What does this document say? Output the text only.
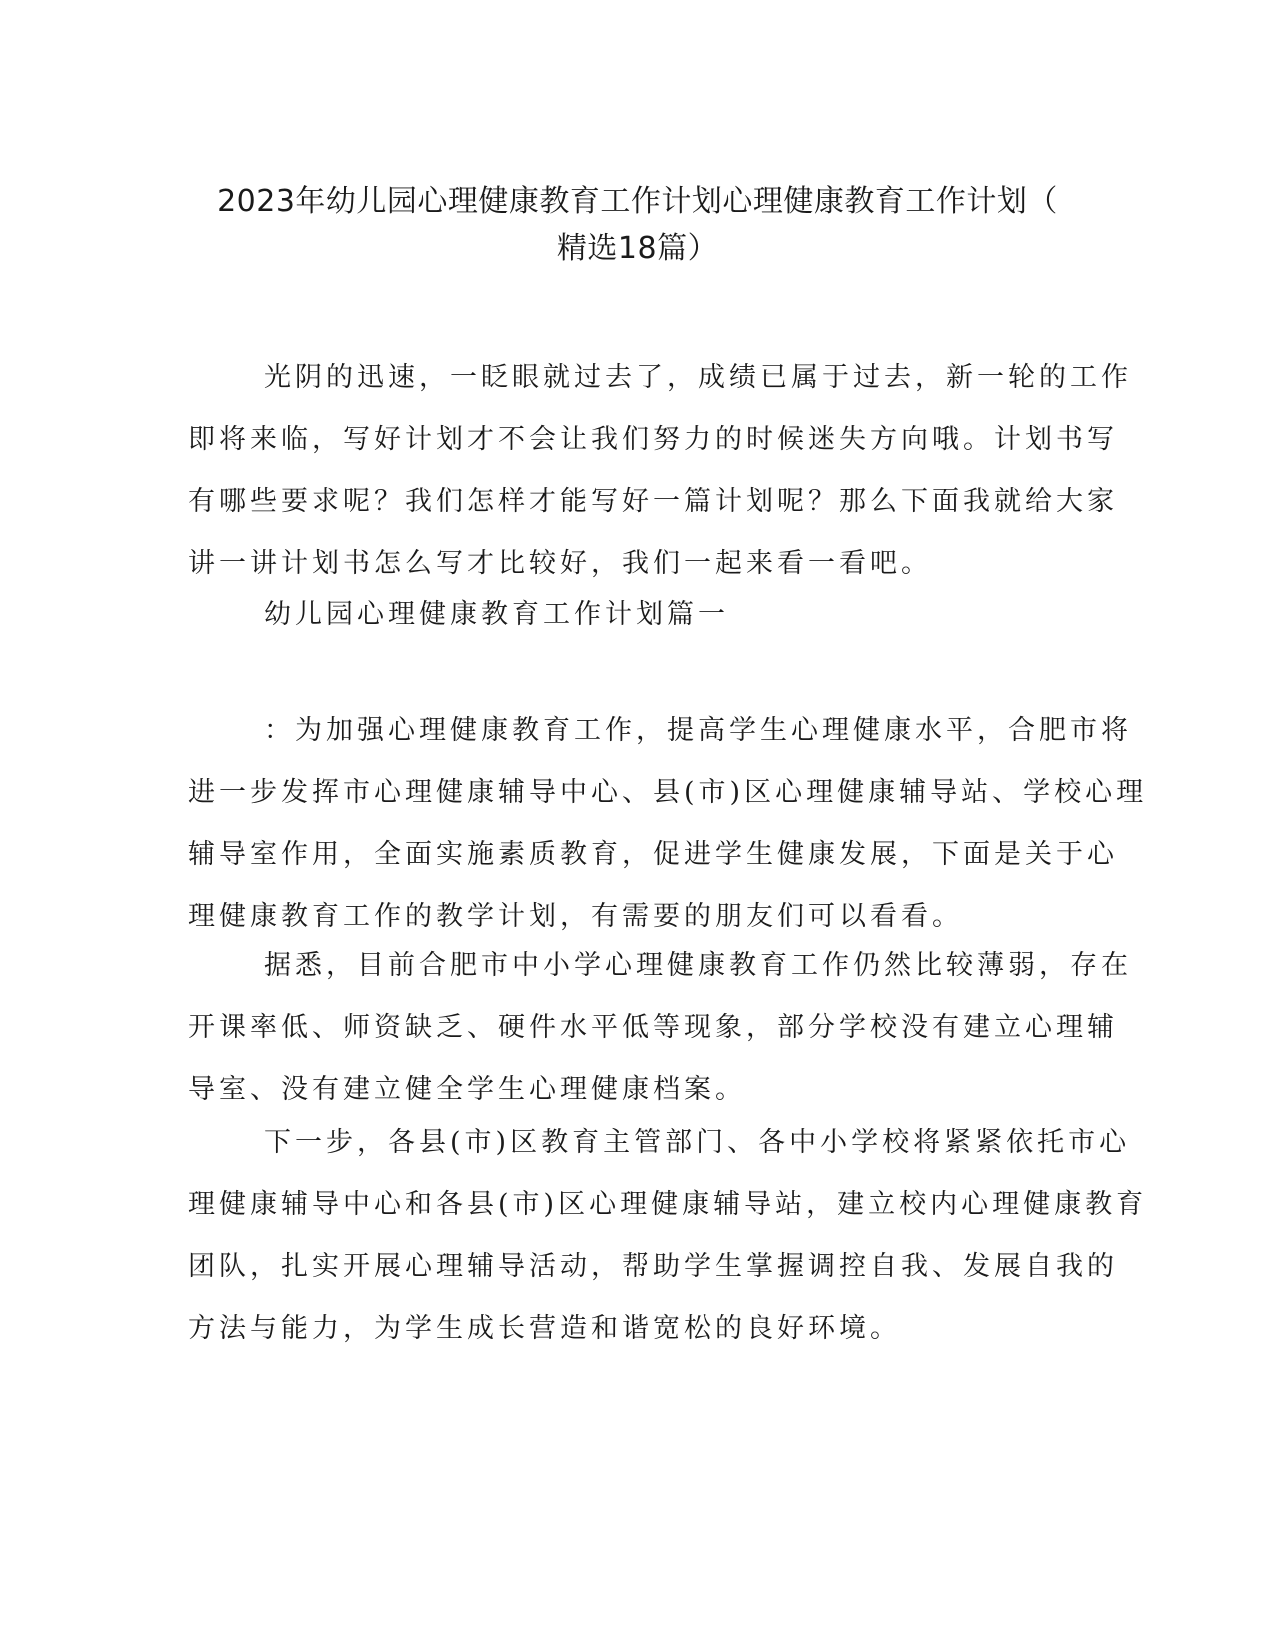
2023年幼儿园心理健康教育工作计划心理健康教育工作计划（
精选18篇）
光阴的迅速，一眨眼就过去了，成绩已属于过去，新一轮的工作
即将来临，写好计划才不会让我们努力的时候迷失方向哦。计划书写
有哪些要求呢？我们怎样才能写好一篇计划呢？那么下面我就给大家
讲一讲计划书怎么写才比较好，我们一起来看一看吧。
幼儿园心理健康教育工作计划篇一
：为加强心理健康教育工作，提高学生心理健康水平，合肥市将
进一步发挥市心理健康辅导中心、县(市)区心理健康辅导站、学校心理
辅导室作用，全面实施素质教育，促进学生健康发展，下面是关于心
理健康教育工作的教学计划，有需要的朋友们可以看看。
据悉，目前合肥市中小学心理健康教育工作仍然比较薄弱，存在
开课率低、师资缺乏、硬件水平低等现象，部分学校没有建立心理辅
导室、没有建立健全学生心理健康档案。
下一步，各县(市)区教育主管部门、各中小学校将紧紧依托市心
理健康辅导中心和各县(市)区心理健康辅导站，建立校内心理健康教育
团队，扎实开展心理辅导活动，帮助学生掌握调控自我、发展自我的
方法与能力，为学生成长营造和谐宽松的良好环境。
